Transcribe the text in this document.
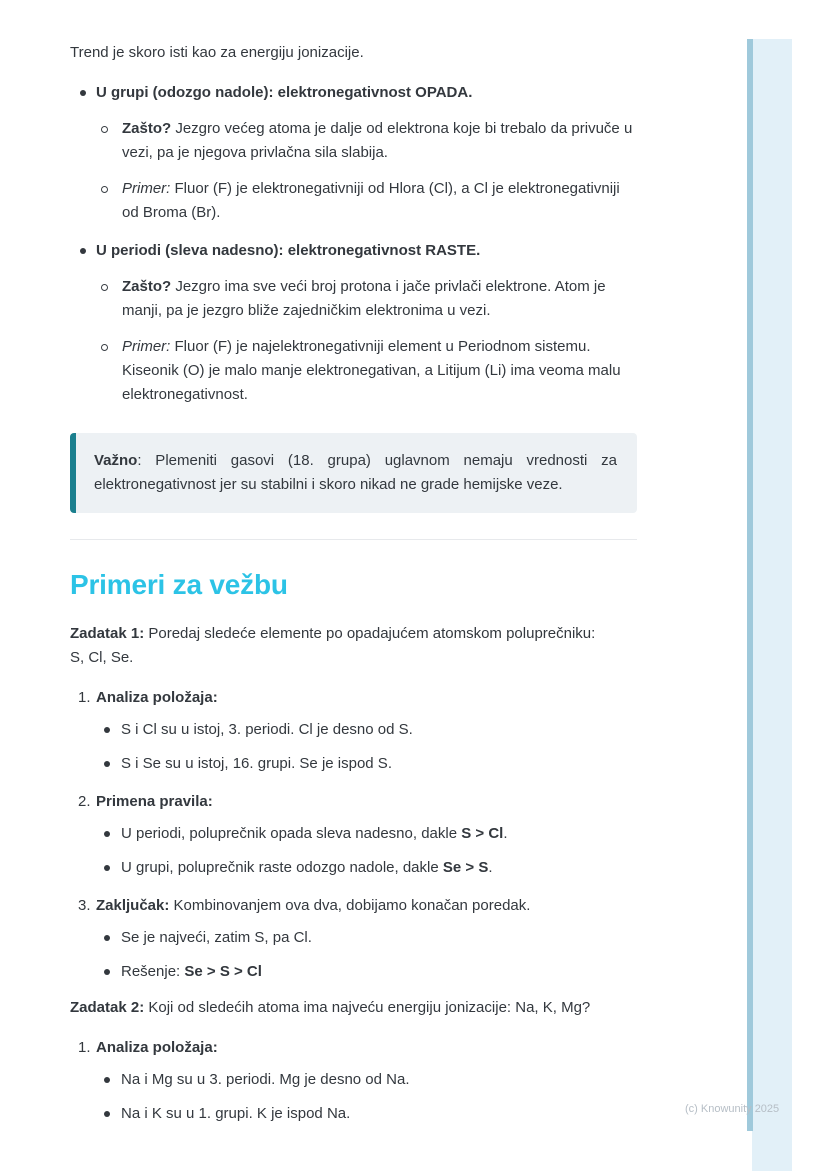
(c) Knowunity 2025

Trend je skoro isti kao za energiju jonizacije.

U grupi (odozgo nadole): elektronegativnost OPADA.

Zašto? Jezgro većeg atoma je dalje od elektrona koje bi trebalo da privuče u vezi, pa je njegova privlačna sila slabija.

Primer: Fluor (F) je elektronegativniji od Hlora (Cl), a Cl je elektronegativniji od Broma (Br).

U periodi (sleva nadesno): elektronegativnost RASTE.

Zašto? Jezgro ima sve veći broj protona i jače privlači elektrone. Atom je manji, pa je jezgro bliže zajedničkim elektronima u vezi.

Primer: Fluor (F) je najelektronegativniji element u Periodnom sistemu. Kiseonik (O) je malo manje elektronegativan, a Litijum (Li) ima veoma malu elektronegativnost.

Važno: Plemeniti gasovi (18. grupa) uglavnom nemaju vrednosti za elektronegativnost jer su stabilni i skoro nikad ne grade hemijske veze.

Primeri za vežbu

Zadatak 1: Poredaj sledeće elemente po opadajućem atomskom poluprečniku:
S, Cl, Se.

1. Analiza položaja:

S i Cl su u istoj, 3. periodi. Cl je desno od S.

S i Se su u istoj, 16. grupi. Se je ispod S.

2. Primena pravila:

U periodi, poluprečnik opada sleva nadesno, dakle S > Cl.

U grupi, poluprečnik raste odozgo nadole, dakle Se > S.

3. Zaključak: Kombinovanjem ova dva, dobijamo konačan poredak.

Se je najveći, zatim S, pa Cl.

Rešenje: Se > S > Cl

Zadatak 2: Koji od sledećih atoma ima najveću energiju jonizacije: Na, K, Mg?

1. Analiza položaja:

Na i Mg su u 3. periodi. Mg je desno od Na.

Na i K su u 1. grupi. K je ispod Na.
